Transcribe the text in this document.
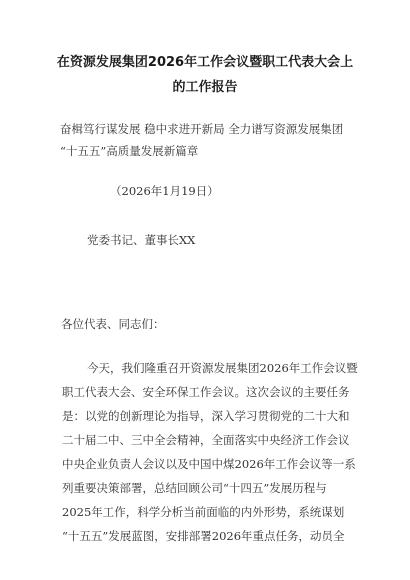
在资源发展集团2026年工作会议暨职工代表大会上
的工作报告
奋楫笃行谋发展 稳中求进开新局 全力谱写资源发展集团
“十五五”高质量发展新篇章
（2026年1月19日）
党委书记、董事长XX
各位代表、同志们：
今天，我们隆重召开资源发展集团2026年工作会议暨
职工代表大会、安全环保工作会议。这次会议的主要任务
是：以党的创新理论为指导，深入学习贯彻党的二十大和
二十届二中、三中全会精神，全面落实中央经济工作会议
中央企业负责人会议以及中国中煤2026年工作会议等一系
列重要决策部署，总结回顾公司“十四五”发展历程与
2025年工作，科学分析当前面临的内外形势，系统谋划
“十五五”发展蓝图，安排部署2026年重点任务，动员全
